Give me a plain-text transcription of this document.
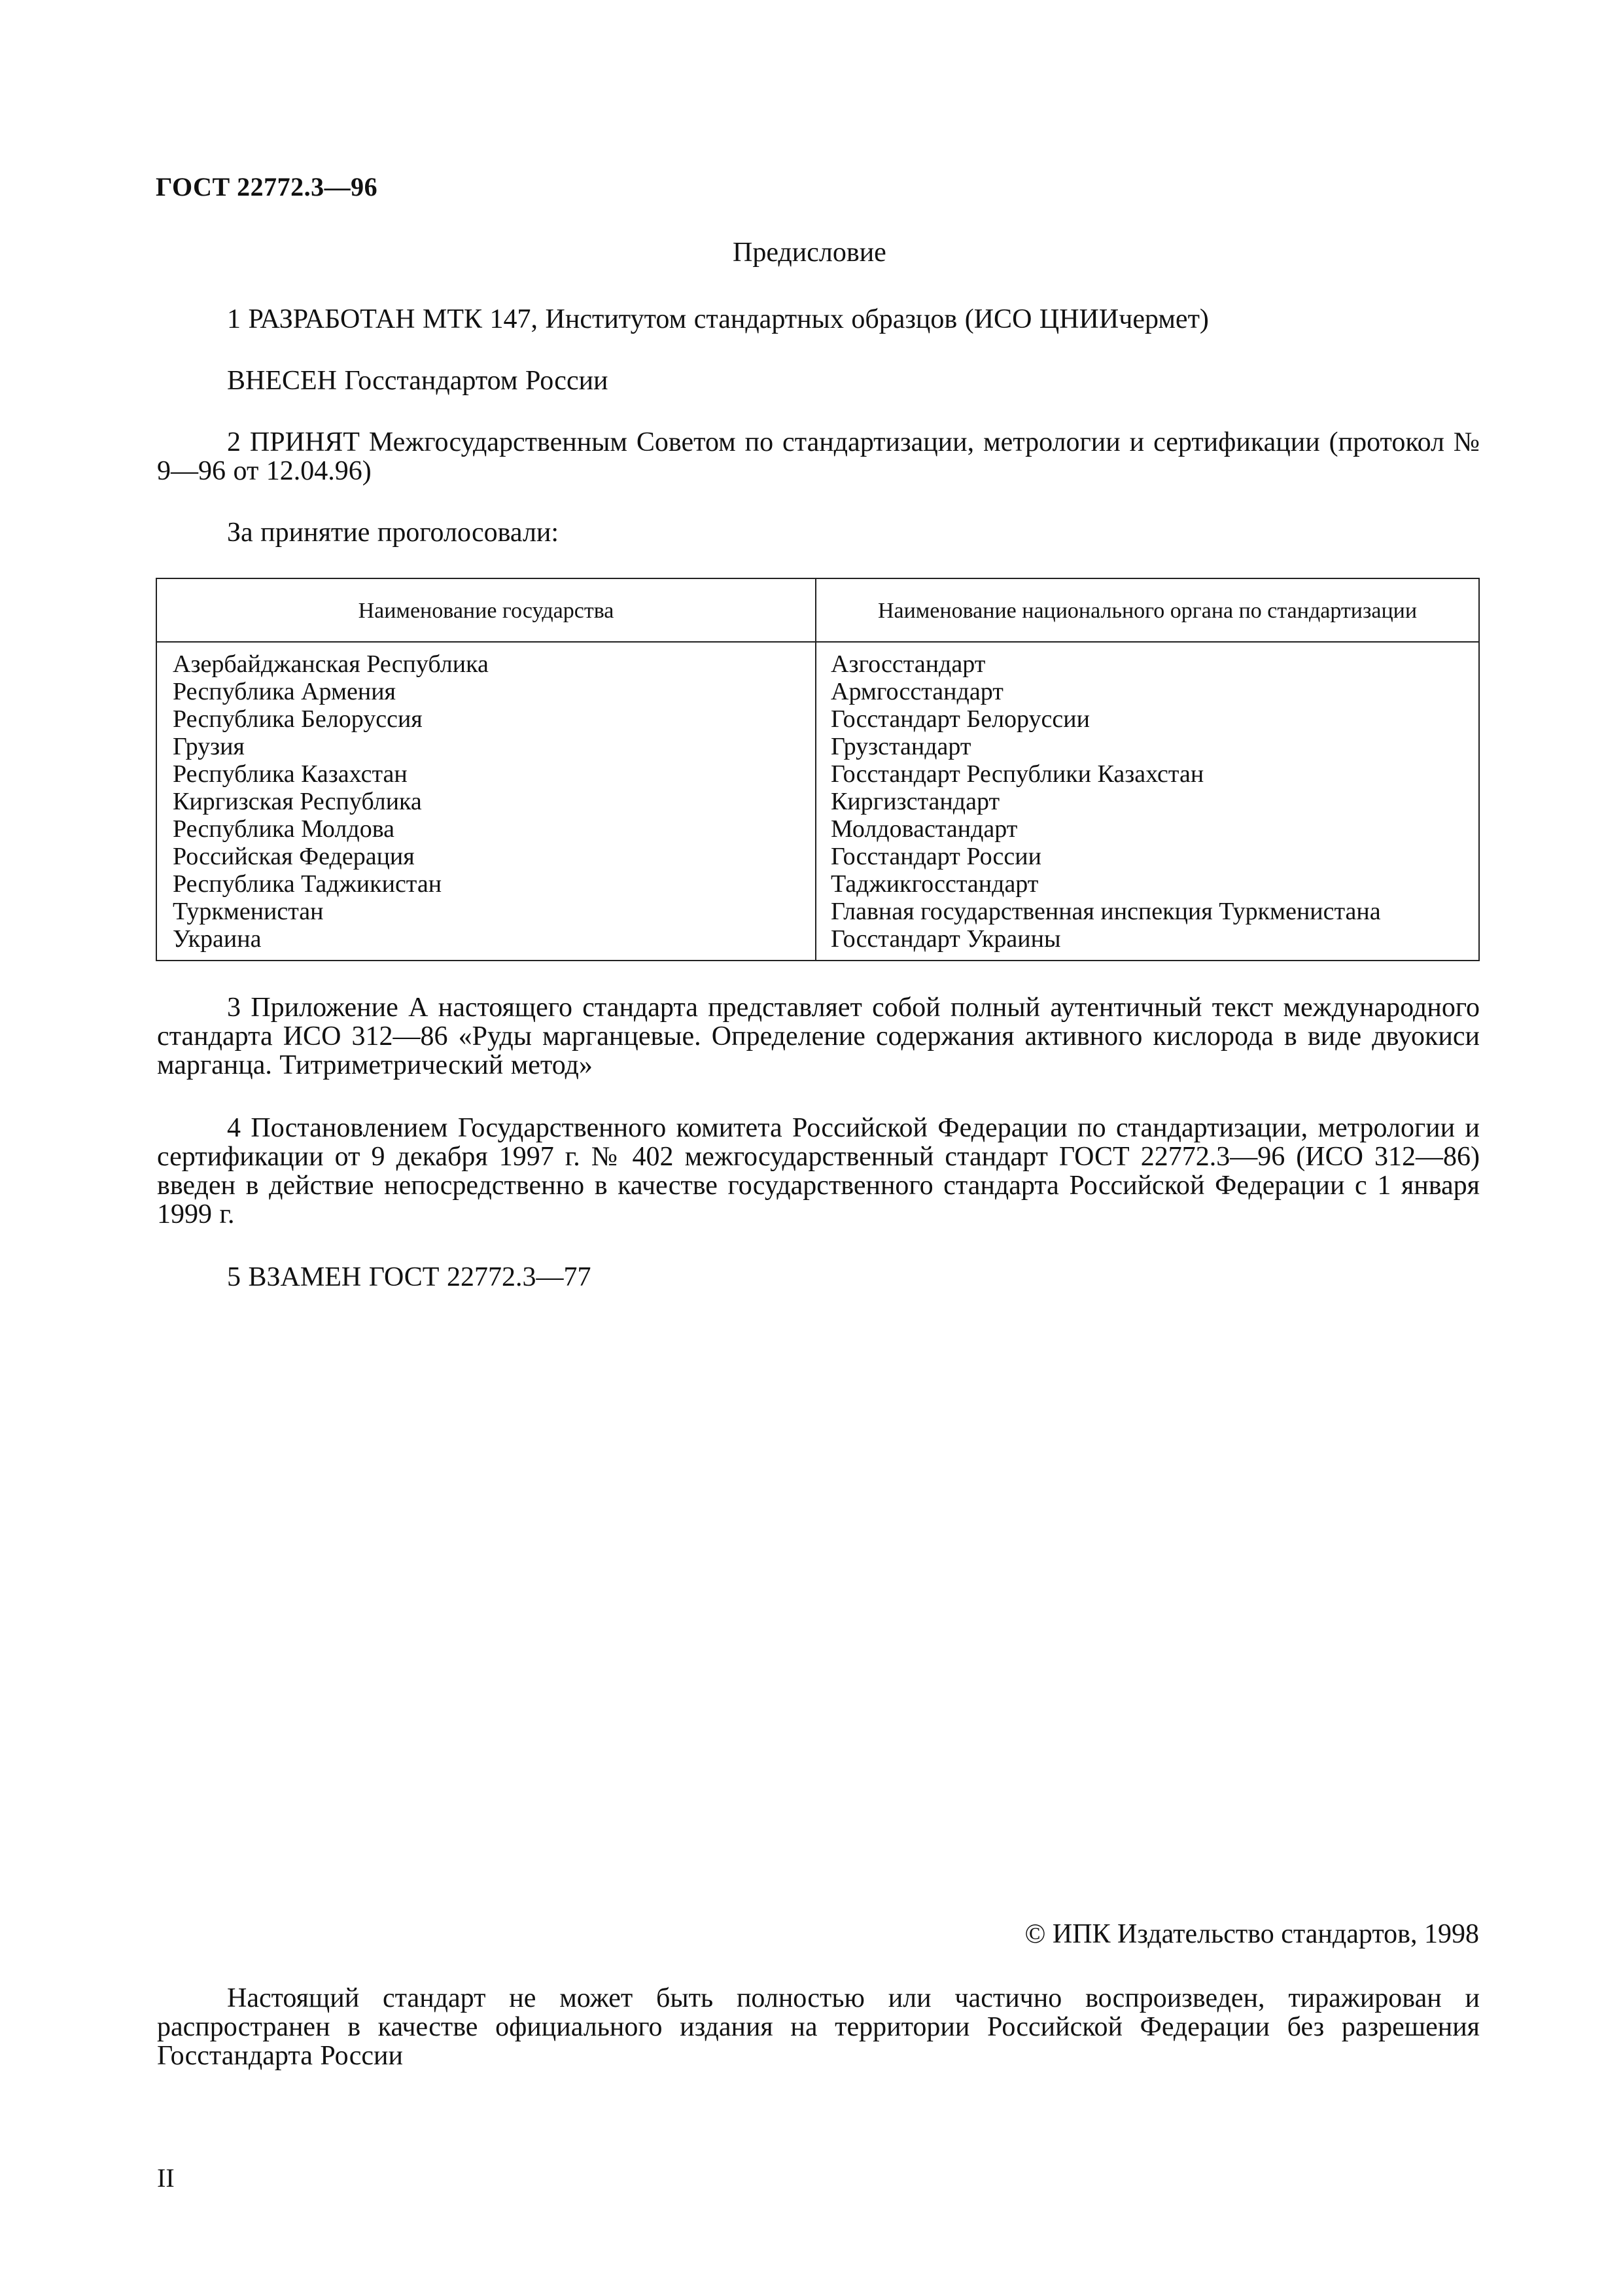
ГОСТ 22772.3—96
Предисловие

1 РАЗРАБОТАН МТК 147, Институтом стандартных образцов (ИСО ЦНИИчермет)

ВНЕСЕН Госстандартом России

2 ПРИНЯТ Межгосударственным Советом по стандартизации, метрологии и сертификации (протокол № 9—96 от 12.04.96)

За принятие проголосовали:

Наименование государства	Наименование национального органа по стандартизации
Азербайджанская Республика
Республика Армения
Республика Белоруссия
Грузия
Республика Казахстан
Киргизская Республика
Республика Молдова
Российская Федерация
Республика Таджикистан
Туркменистан
Украина
Азгосстандарт
Армгосстандарт
Госстандарт Белоруссии
Грузстандарт
Госстандарт Республики Казахстан
Киргизстандарт
Молдовастандарт
Госстандарт России
Таджикгосстандарт
Главная государственная инспекция Туркменистана
Госстандарт Украины

3 Приложение А настоящего стандарта представляет собой полный аутентичный текст международного стандарта ИСО 312—86 «Руды марганцевые. Определение содержания активного кислорода в виде двуокиси марганца. Титриметрический метод»

4 Постановлением Государственного комитета Российской Федерации по стандартизации, метрологии и сертификации от 9 декабря 1997 г. № 402 межгосударственный стандарт ГОСТ 22772.3—96 (ИСО 312—86) введен в действие непосредственно в качестве государственного стандарта Российской Федерации с 1 января 1999 г.

5 ВЗАМЕН ГОСТ 22772.3—77

© ИПК Издательство стандартов, 1998

Настоящий стандарт не может быть полностью или частично воспроизведен, тиражирован и распространен в качестве официального издания на территории Российской Федерации без разрешения Госстандарта России

II
